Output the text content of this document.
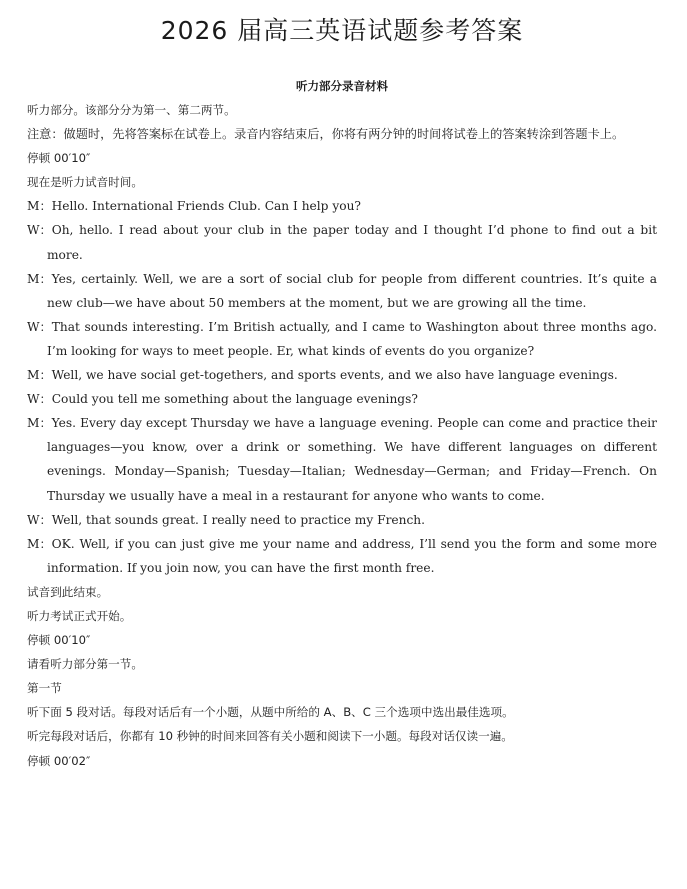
2026 届高三英语试题参考答案
听力部分录音材料
听力部分。该部分分为第一、第二两节。
注意：做题时，先将答案标在试卷上。录音内容结束后，你将有两分钟的时间将试卷上的答案转涂到答题卡上。
停顿 00′10″
现在是听力试音时间。
M：Hello. International Friends Club. Can I help you?
W：Oh, hello. I read about your club in the paper today and I thought I’d phone to find out a bit more.
M：Yes, certainly. Well, we are a sort of social club for people from different countries. It’s quite a new club—we have about 50 members at the moment, but we are growing all the time.
W：That sounds interesting. I’m British actually, and I came to Washington about three months ago. I’m looking for ways to meet people. Er, what kinds of events do you organize?
M：Well, we have social get-togethers, and sports events, and we also have language evenings.
W：Could you tell me something about the language evenings?
M：Yes. Every day except Thursday we have a language evening. People can come and practice their languages—you know, over a drink or something. We have different languages on different evenings. Monday—Spanish; Tuesday—Italian; Wednesday—German; and Friday—French. On Thursday we usually have a meal in a restaurant for anyone who wants to come.
W：Well, that sounds great. I really need to practice my French.
M：OK. Well, if you can just give me your name and address, I’ll send you the form and some more information. If you join now, you can have the first month free.
试音到此结束。
听力考试正式开始。
停顿 00′10″
请看听力部分第一节。
第一节
听下面 5 段对话。每段对话后有一个小题，从题中所给的 A、B、C 三个选项中选出最佳选项。
听完每段对话后，你都有 10 秒钟的时间来回答有关小题和阅读下一小题。每段对话仅读一遍。
停顿 00′02″
